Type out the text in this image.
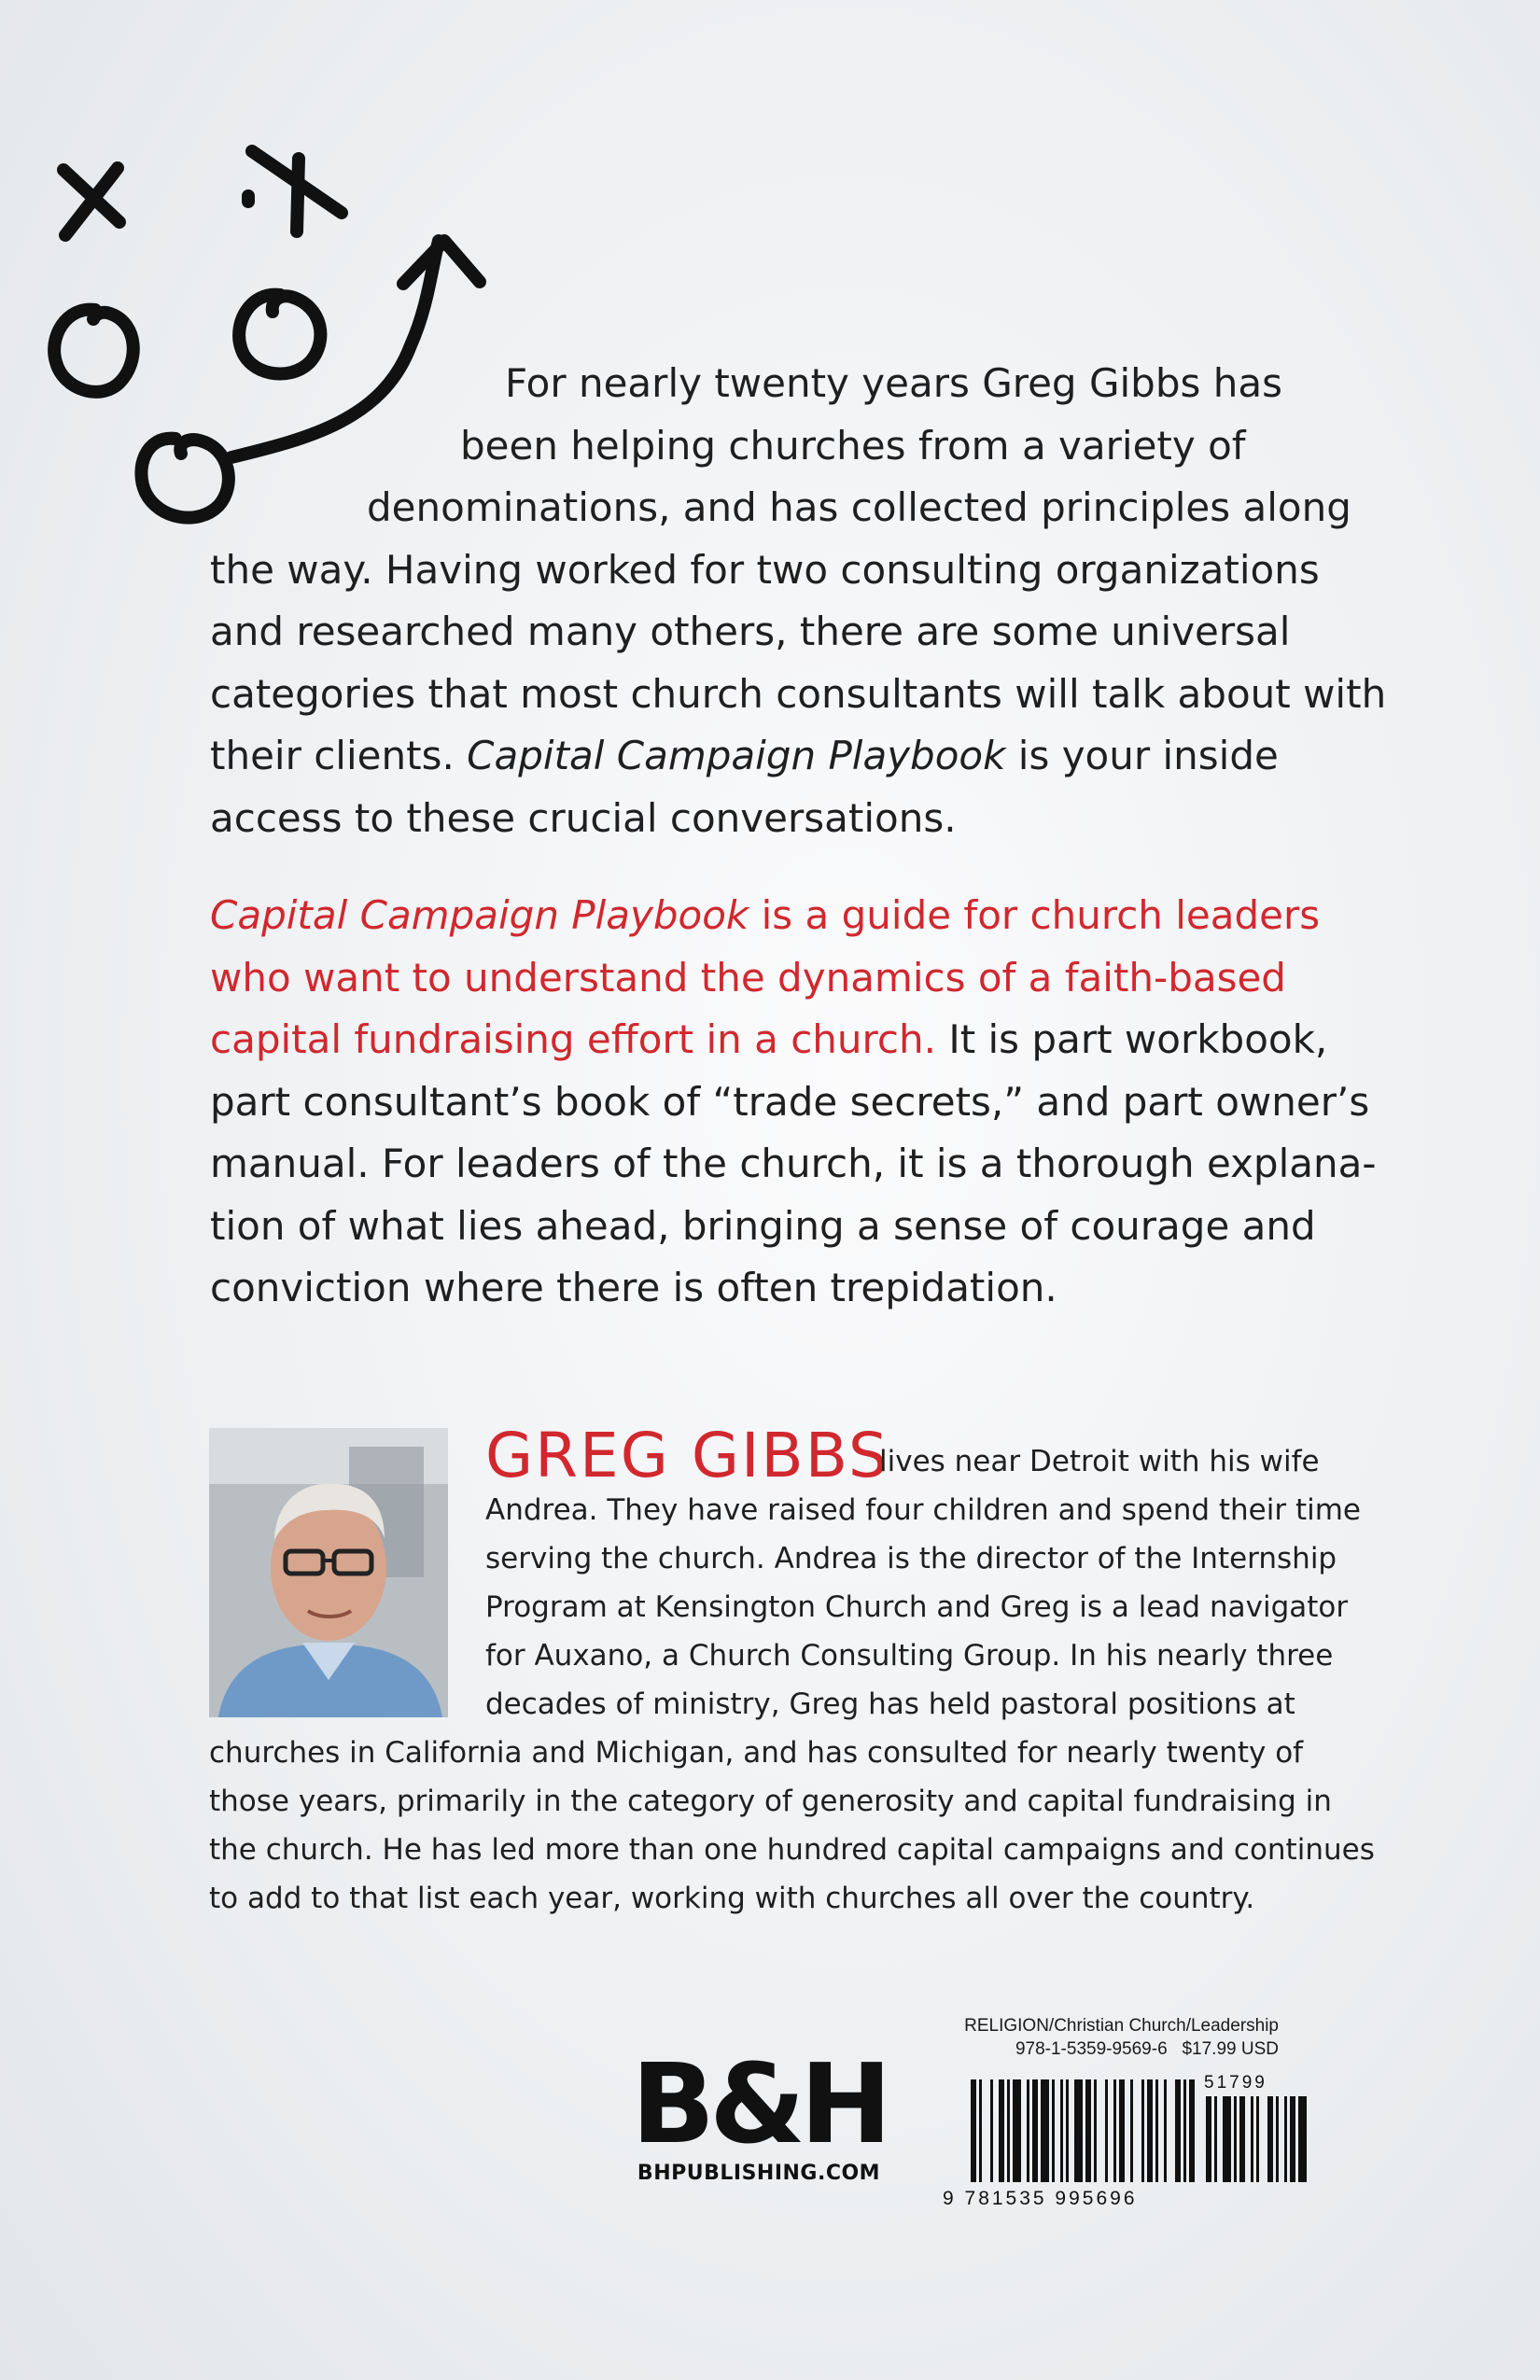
For nearly twenty years Greg Gibbs has
been helping churches from a variety of
denominations, and has collected principles along
the way. Having worked for two consulting organizations
and researched many others, there are some universal
categories that most church consultants will talk about with
their clients. Capital Campaign Playbook is your inside
access to these crucial conversations.

Capital Campaign Playbook is a guide for church leaders
who want to understand the dynamics of a faith-based
capital fundraising effort in a church. It is part workbook,
part consultant’s book of “trade secrets,” and part owner’s
manual. For leaders of the church, it is a thorough explana-
tion of what lies ahead, bringing a sense of courage and
conviction where there is often trepidation.

GREG GIBBS

lives near Detroit with his wife
Andrea. They have raised four children and spend their time
serving the church. Andrea is the director of the Internship
Program at Kensington Church and Greg is a lead navigator
for Auxano, a Church Consulting Group. In his nearly three
decades of ministry, Greg has held pastoral positions at
churches in California and Michigan, and has consulted for nearly twenty of
those years, primarily in the category of generosity and capital fundraising in
the church. He has led more than one hundred capital campaigns and continues
to add to that list each year, working with churches all over the country.

B&H
BHPUBLISHING.COM
RELIGION/Christian Church/Leadership
978-1-5359-9569-6 $17.99 USD
51799
9 781535 995696
